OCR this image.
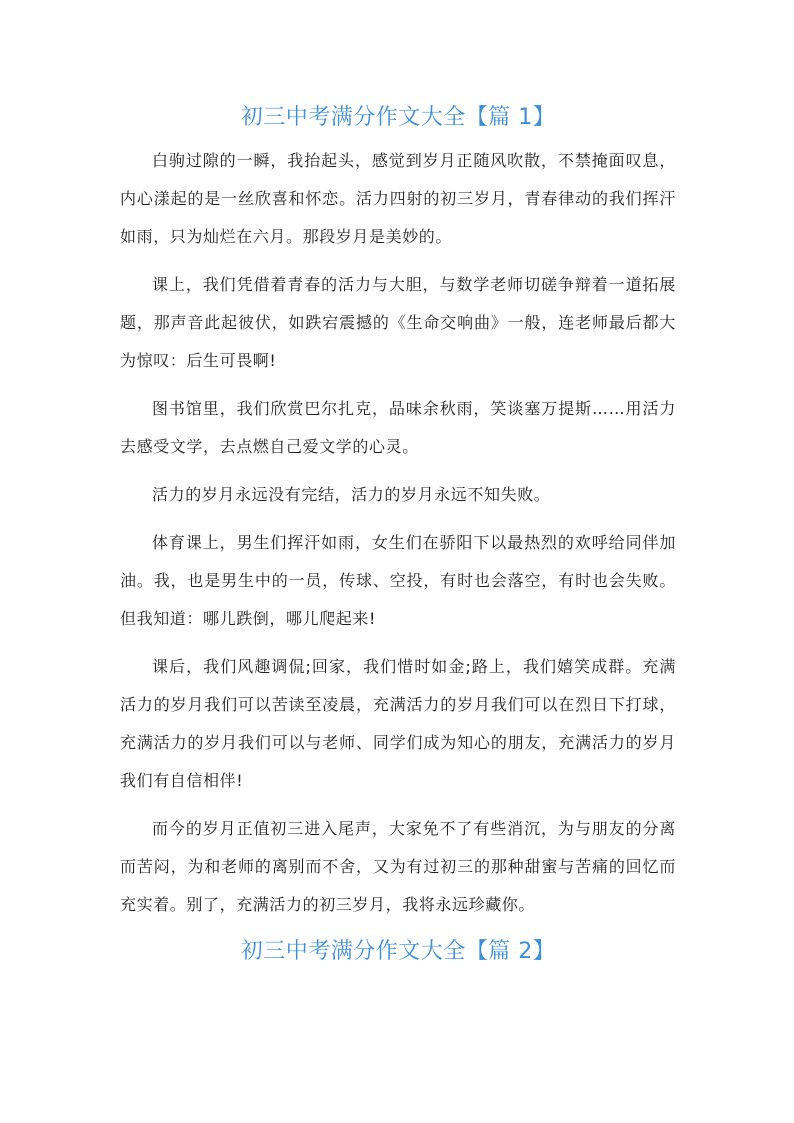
初三中考满分作文大全【篇 1】

白驹过隙的一瞬，我抬起头，感觉到岁月正随风吹散，不禁掩面叹息，内心漾起的是一丝欣喜和怀恋。活力四射的初三岁月，青春律动的我们挥汗如雨，只为灿烂在六月。那段岁月是美妙的。

课上，我们凭借着青春的活力与大胆，与数学老师切磋争辩着一道拓展题，那声音此起彼伏，如跌宕震撼的《生命交响曲》一般，连老师最后都大为惊叹：后生可畏啊!

图书馆里，我们欣赏巴尔扎克，品味余秋雨，笑谈塞万提斯……用活力去感受文学，去点燃自己爱文学的心灵。

活力的岁月永远没有完结，活力的岁月永远不知失败。

体育课上，男生们挥汗如雨，女生们在骄阳下以最热烈的欢呼给同伴加油。我，也是男生中的一员，传球、空投，有时也会落空，有时也会失败。但我知道：哪儿跌倒，哪儿爬起来!

课后，我们风趣调侃;回家，我们惜时如金;路上，我们嬉笑成群。充满活力的岁月我们可以苦读至凌晨，充满活力的岁月我们可以在烈日下打球，充满活力的岁月我们可以与老师、同学们成为知心的朋友，充满活力的岁月我们有自信相伴!

而今的岁月正值初三进入尾声，大家免不了有些消沉，为与朋友的分离而苦闷，为和老师的离别而不舍，又为有过初三的那种甜蜜与苦痛的回忆而充实着。别了，充满活力的初三岁月，我将永远珍藏你。

初三中考满分作文大全【篇 2】
